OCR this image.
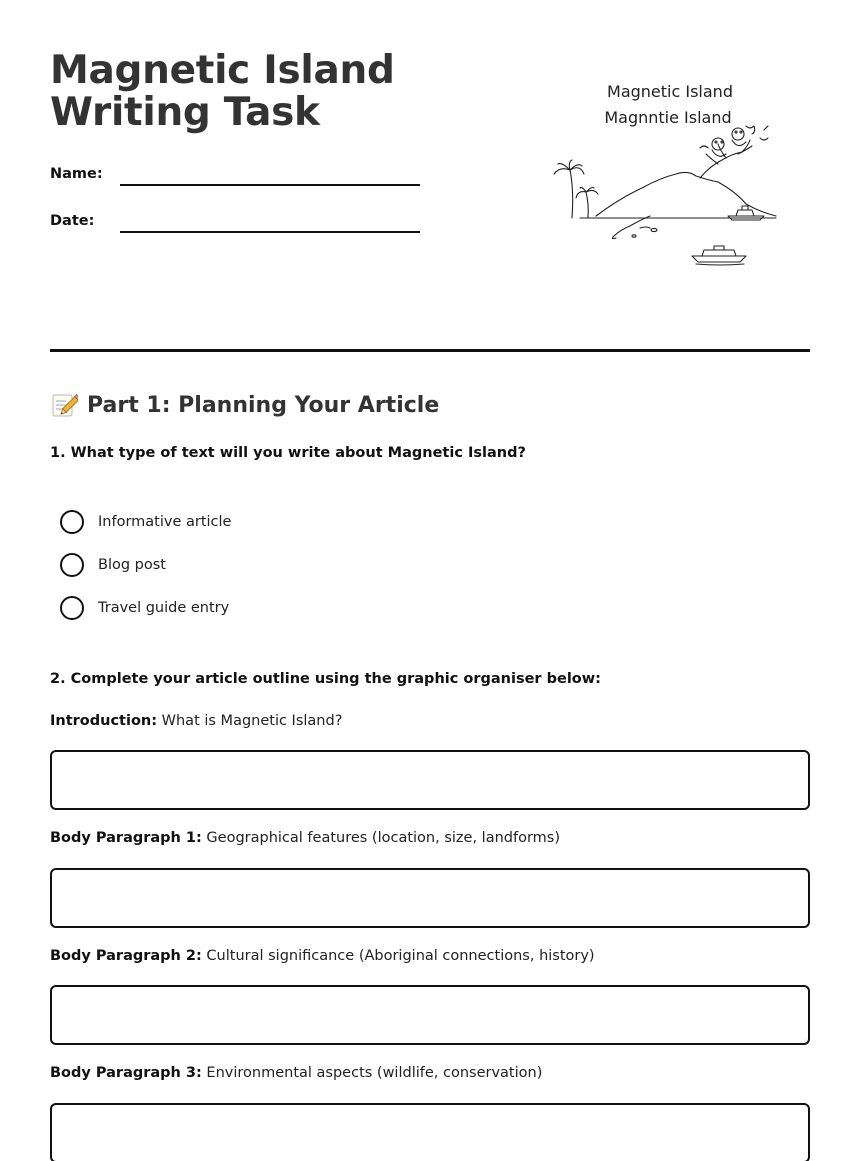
Magnetic Island Writing Task
Name:
Date:
Magnetic Island
Magnntie Island
Part 1: Planning Your Article
1. What type of text will you write about Magnetic Island?
Informative article
Blog post
Travel guide entry
2. Complete your article outline using the graphic organiser below:
Introduction: What is Magnetic Island?
Body Paragraph 1: Geographical features (location, size, landforms)
Body Paragraph 2: Cultural significance (Aboriginal connections, history)
Body Paragraph 3: Environmental aspects (wildlife, conservation)
